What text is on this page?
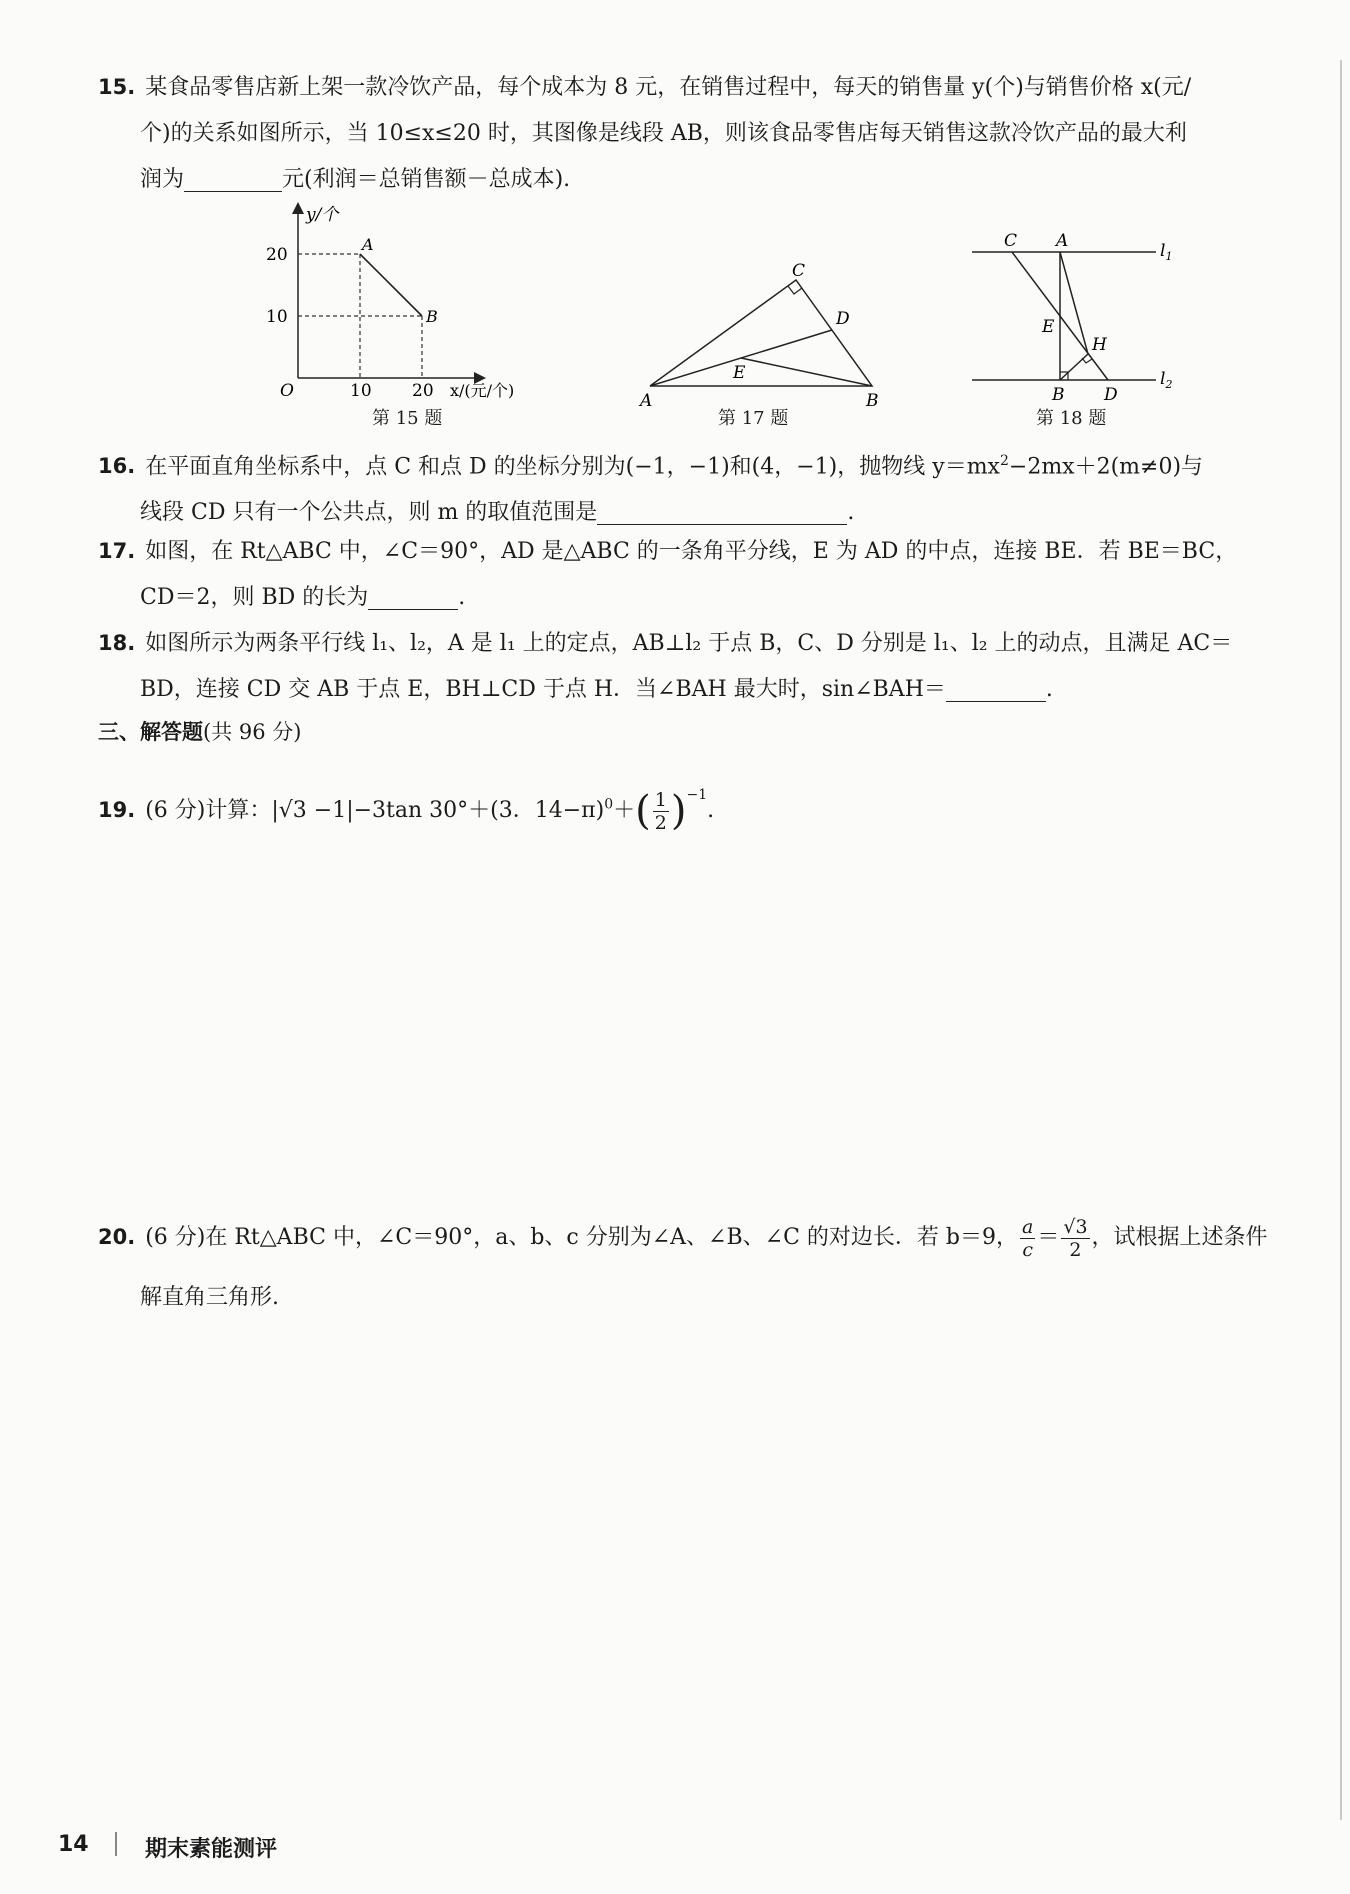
15. 某食品零售店新上架一款冷饮产品，每个成本为 8 元，在销售过程中，每天的销售量 y(个)与销售价格 x(元/
个)的关系如图所示，当 10≤x≤20 时，其图像是线段 AB，则该食品零售店每天销售这款冷饮产品的最大利
润为	元(利润＝总销售额－总成本).
y/个
x/(元/个)
O	10 20
20
10
A
B
第 15 题
A	B
C
D
E
第 17 题
C A
E
H
B D
$l_1$
$l_2$
第 18 题
16. 在平面直角坐标系中，点 C 和点 D 的坐标分别为(−1，−1)和(4，−1)，抛物线 $y=mx^2-2mx+2(m\ne 0)$与
线段 CD 只有一个公共点，则 m 的取值范围是	.
17. 如图，在 Rt△ABC 中，∠C＝90°，AD 是△ABC 的一条角平分线，E 为 AD 的中点，连接 BE．若 BE＝BC，
CD＝2，则 BD 的长为	.
18. 如图所示为两条平行线 l₁、l₂，A 是 l₁ 上的定点，AB⊥l₂ 于点 B，C、D 分别是 l₁、l₂ 上的动点，且满足 AC＝
BD，连接 CD 交 AB 于点 E，BH⊥CD 于点 H．当∠BAH 最大时，sin∠BAH＝	.
三、解答题(共 96 分)
19. (6 分)计算：|√3 −1|−3tan 30°＋(3．$14-\pi)^0+( \frac{1}{2} )^{-1}$.
20. (6 分)在 Rt△ABC 中，∠C＝90°，a、b、c 分别为∠A、∠B、∠C 的对边长．若 b＝9， $\frac{a}{c} = \frac{√3}{2}$ ，试根据上述条件
解直角三角形.
14	期末素能测评
